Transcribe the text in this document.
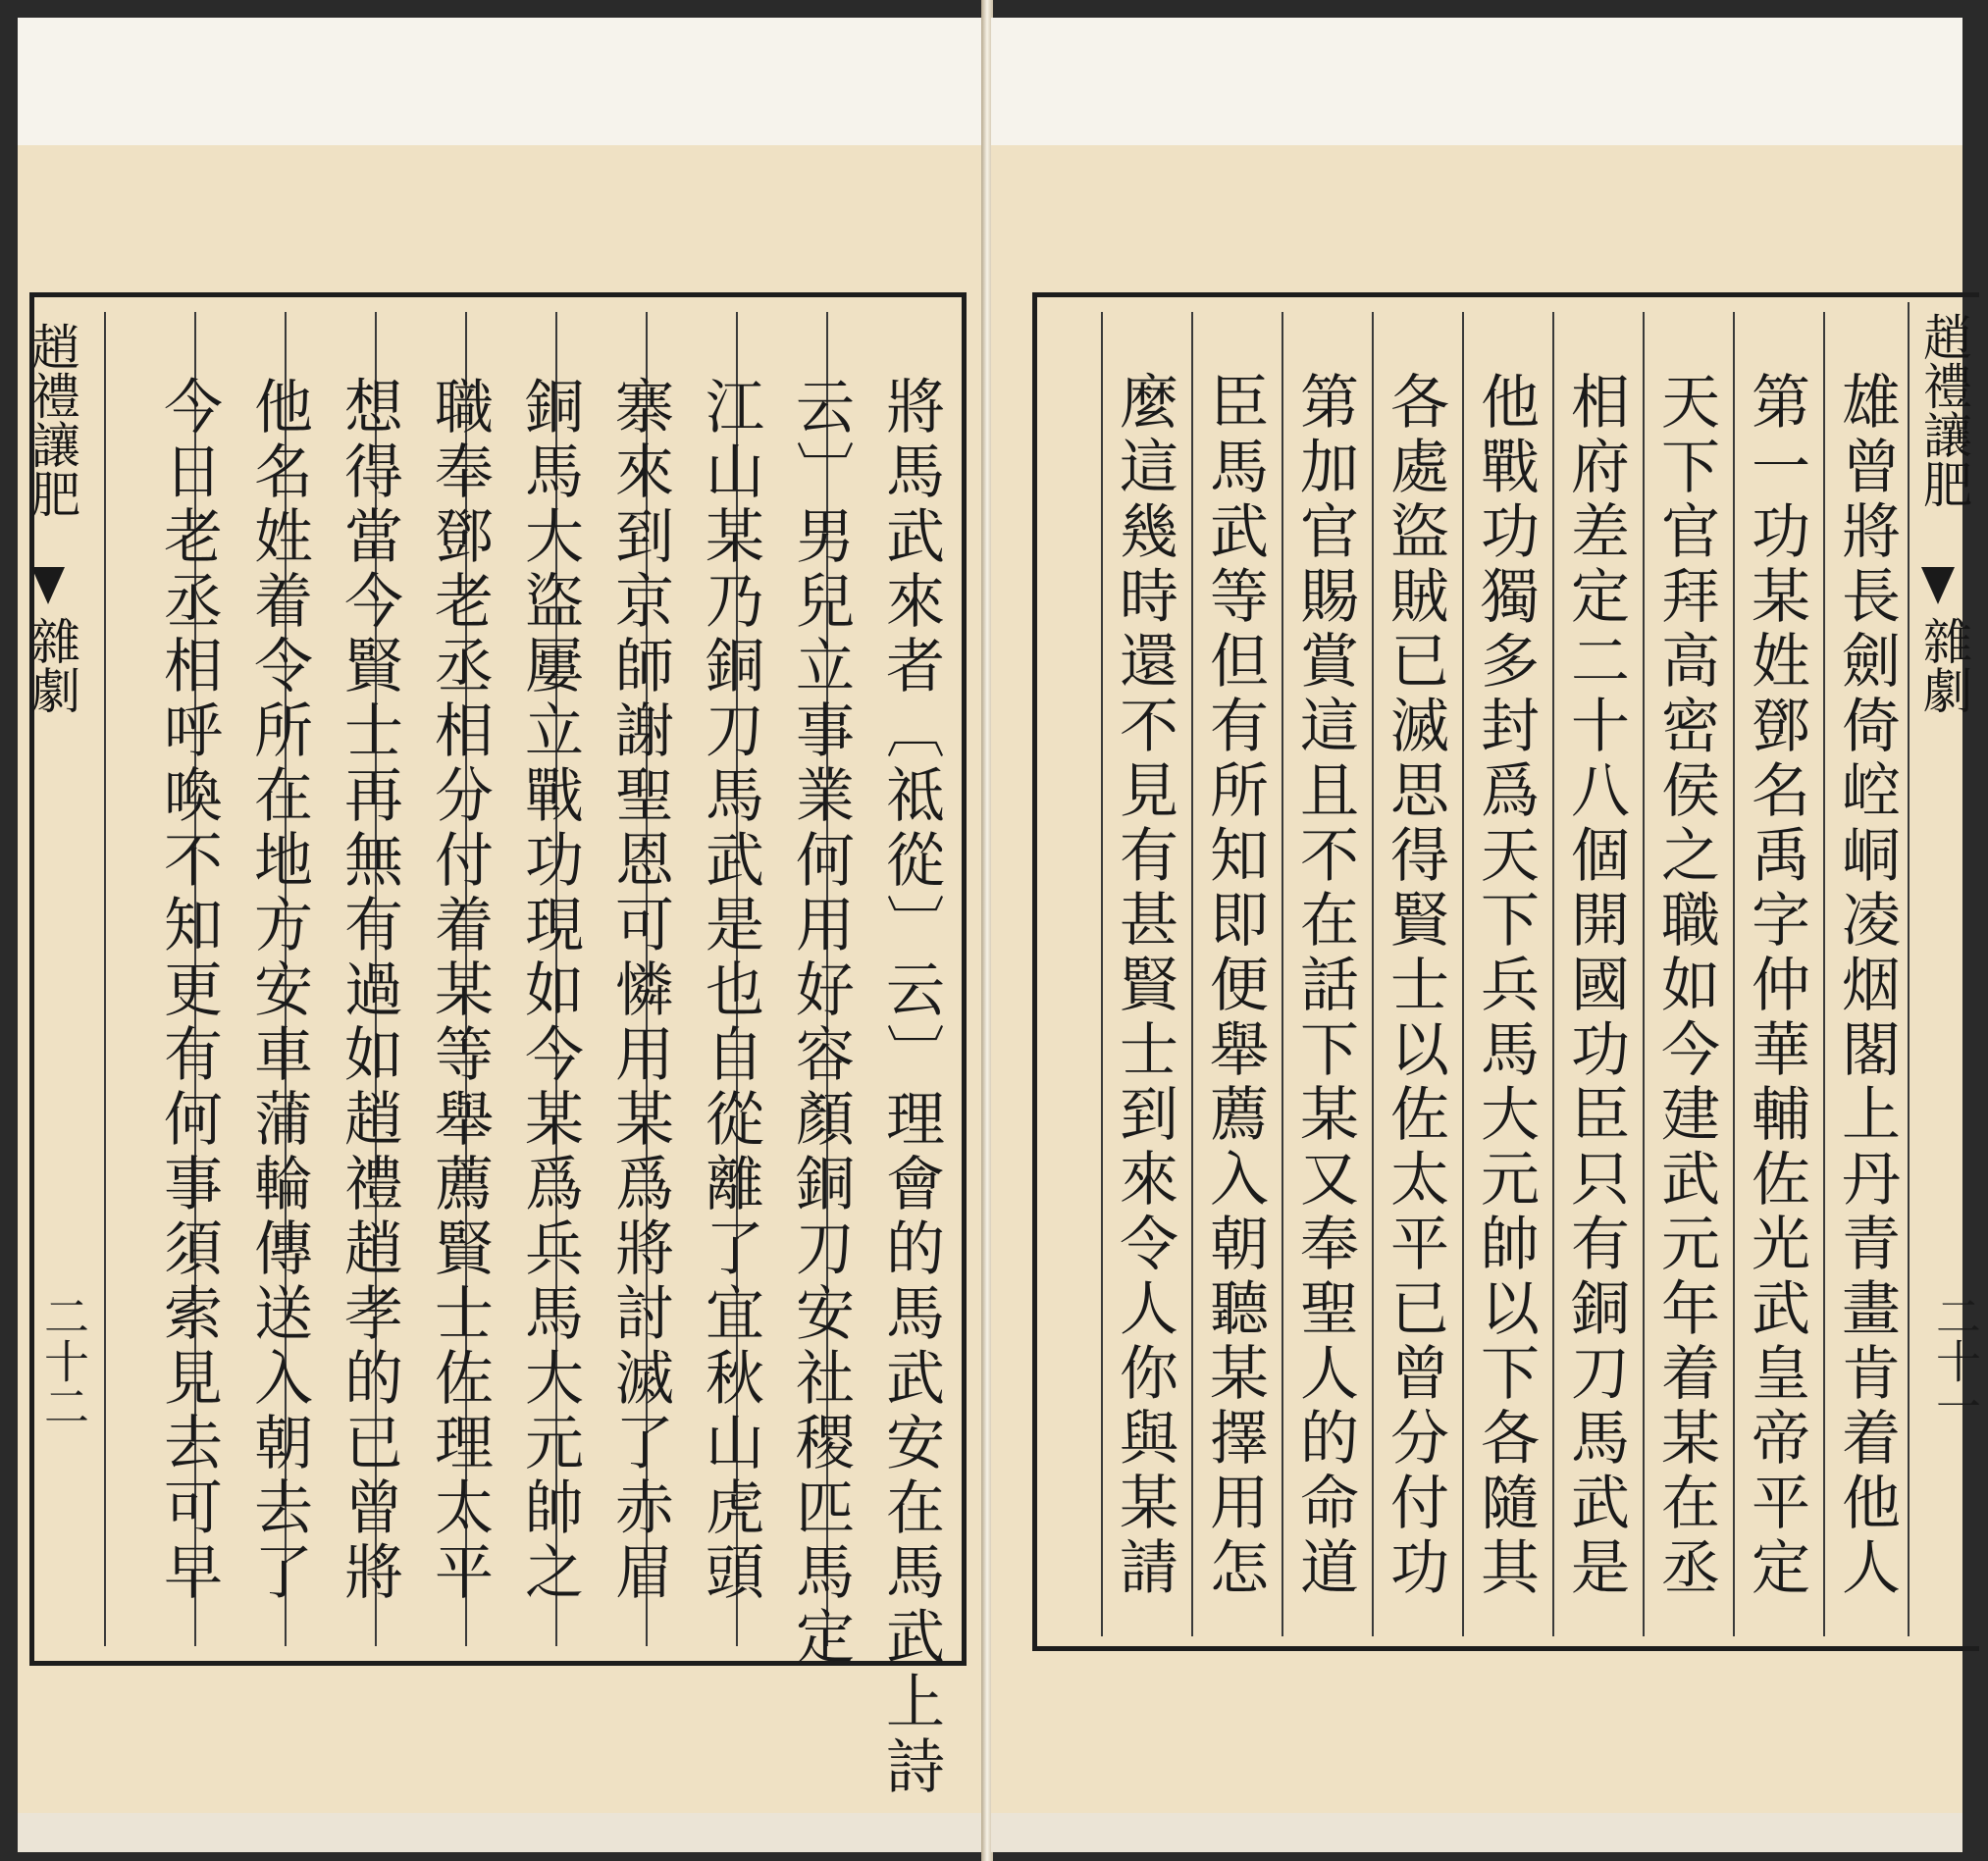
趙禮讓肥
雜劇
二十二	將馬武來者〔祗從〕云〕理會的馬武安在馬武上詩
云〕男兒立事業何用好容顏銅刀安社稷匹馬定
江山某乃銅刀馬武是也自從離了宜秋山虎頭
寨來到京師謝聖恩可憐用某爲將討滅了赤眉
銅馬大盜屢立戰功現如今某爲兵馬大元帥之
職奉鄧老丞相分付着某等舉薦賢士佐理太平
想得當今賢士再無有過如趙禮趙孝的已曾將
他名姓着令所在地方安車蒲輪傳送入朝去了
今日老丞相呼喚不知更有何事須索見去可早	趙禮讓肥
雜劇
二十一
雄曾將長劍倚崆峒凌烟閣上丹青畫肯着他人
第一功某姓鄧名禹字仲華輔佐光武皇帝平定
天下官拜高密侯之職如今建武元年着某在丞
相府差定二十八個開國功臣只有銅刀馬武是
他戰功獨多封爲天下兵馬大元帥以下各隨其
各處盜賊已滅思得賢士以佐太平已曾分付功
第加官賜賞這且不在話下某又奉聖人的命道
臣馬武等但有所知即便舉薦入朝聽某擇用怎
麼這幾時還不見有甚賢士到來令人你與某請
